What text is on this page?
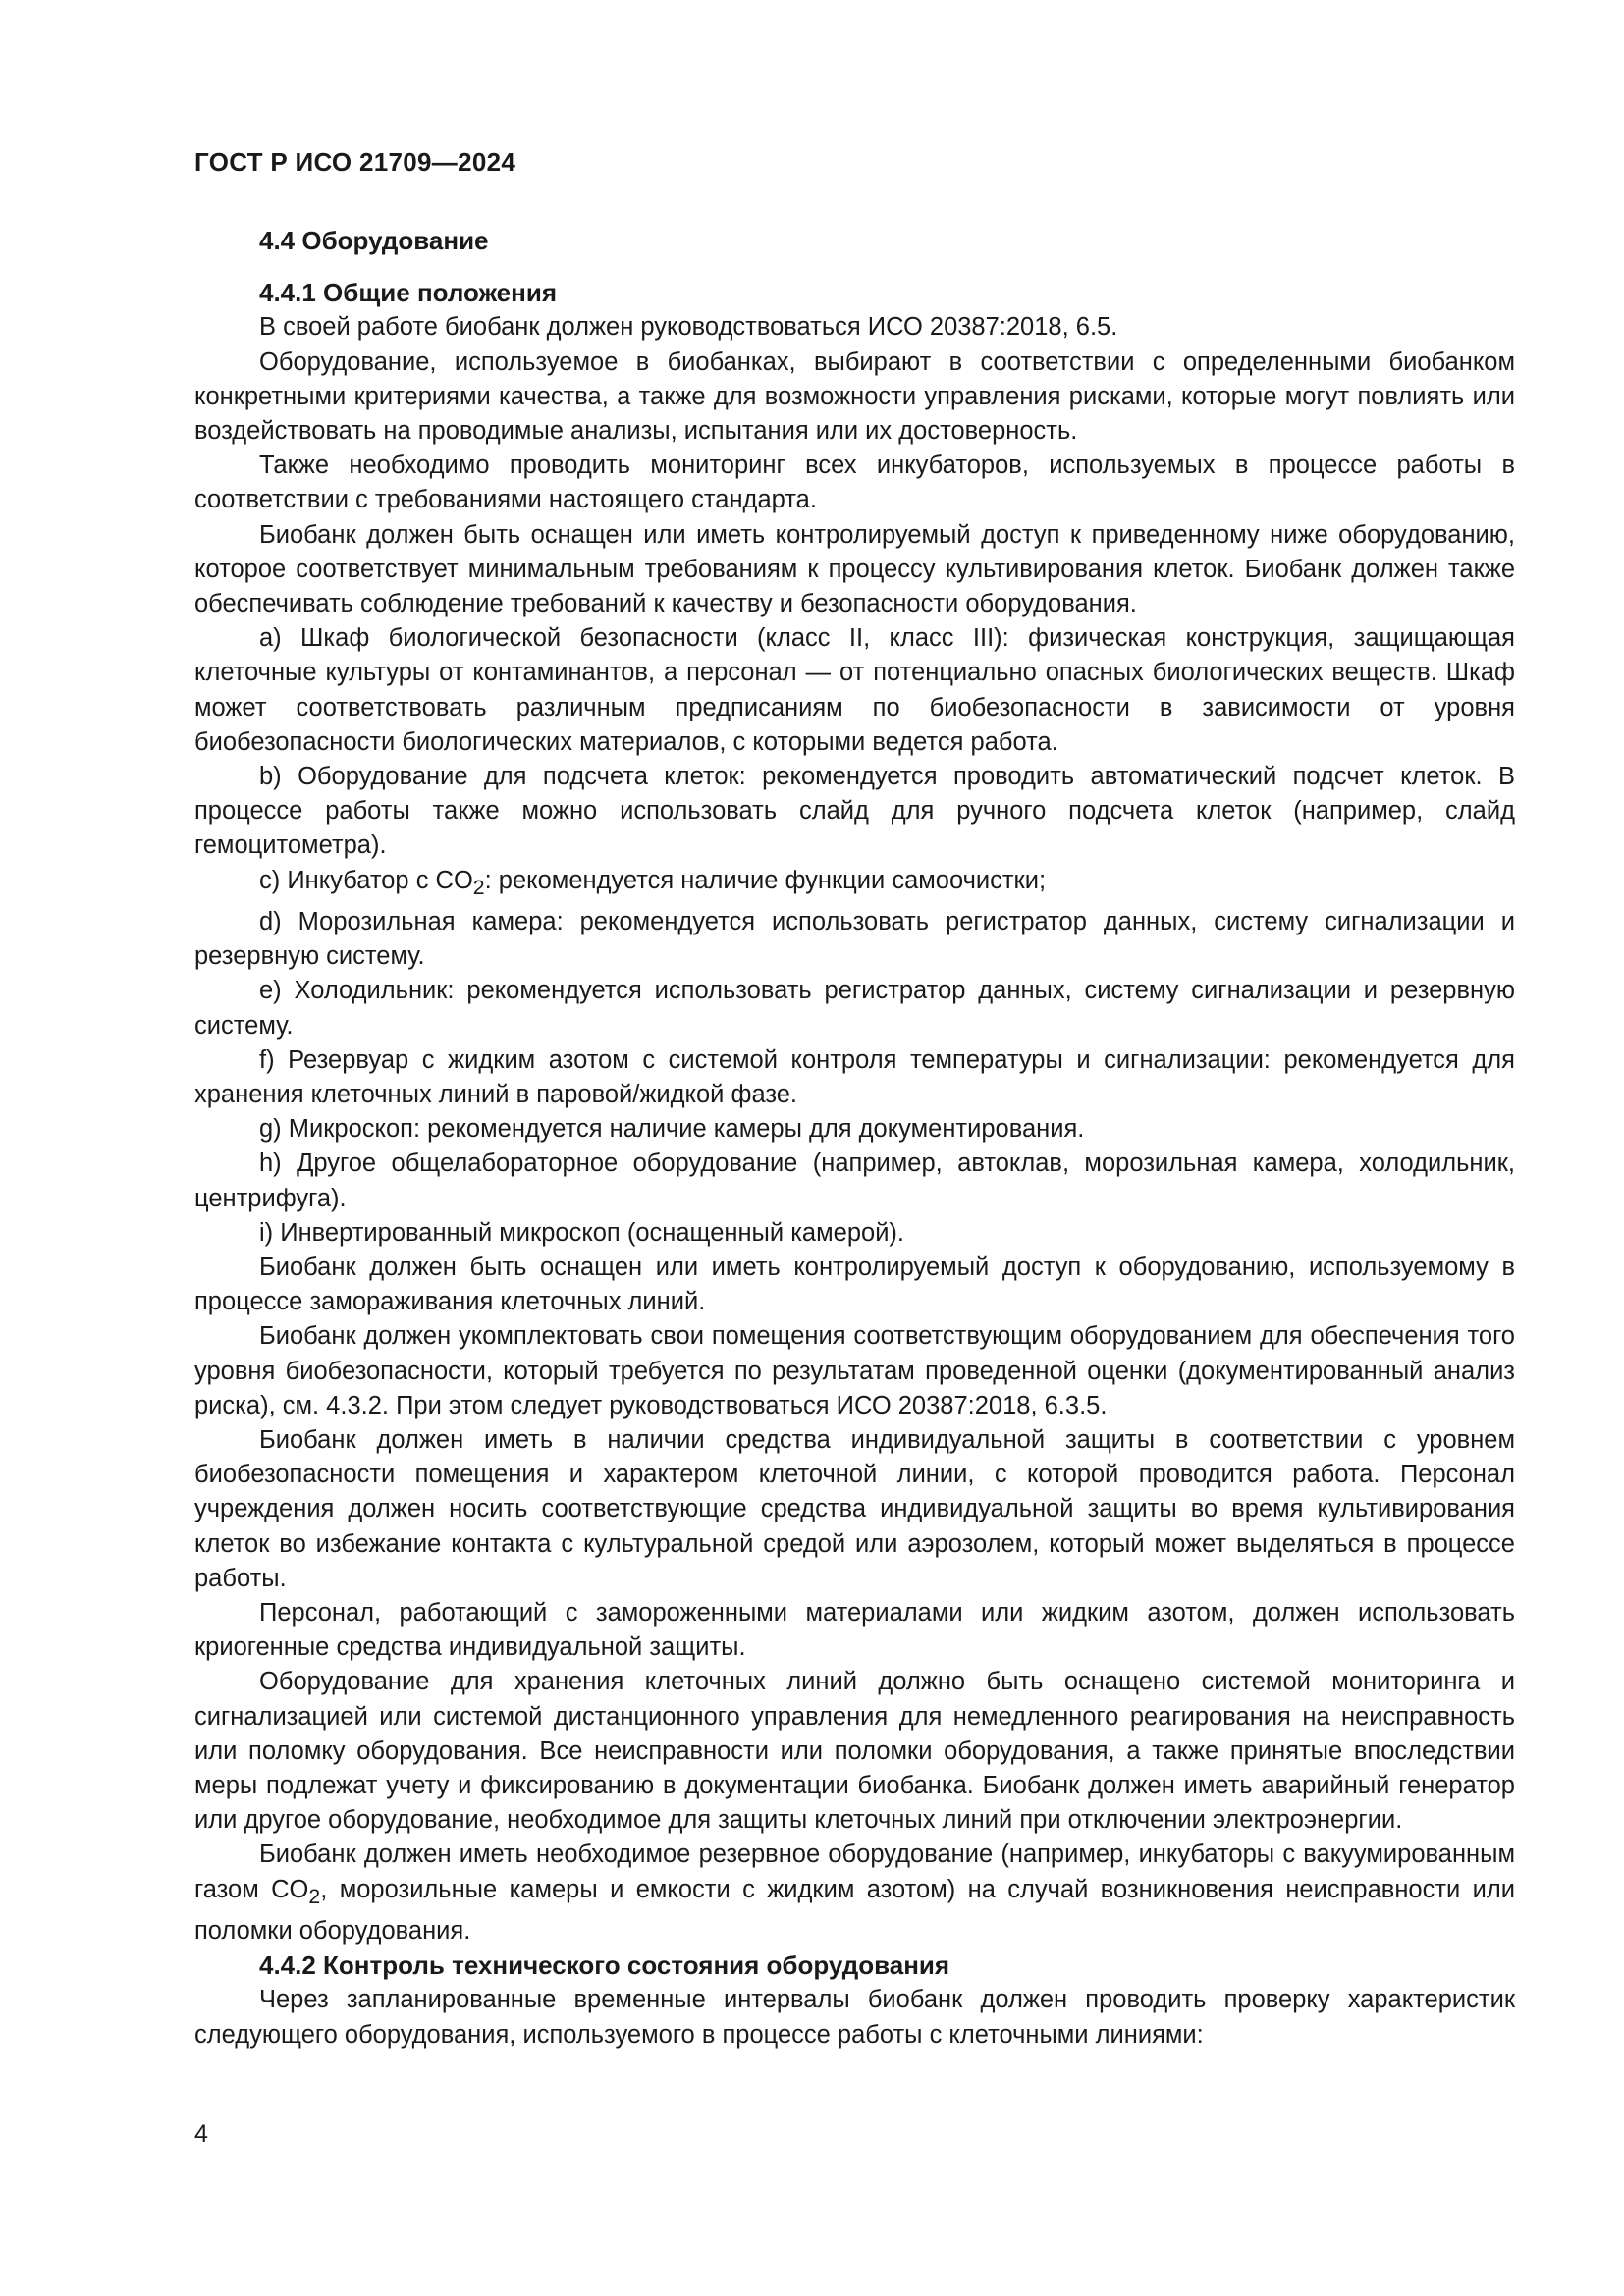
ГОСТ Р ИСО 21709—2024
4.4 Оборудование
4.4.1 Общие положения

В своей работе биобанк должен руководствоваться ИСО 20387:2018, 6.5.

Оборудование, используемое в биобанках, выбирают в соответствии с определенными биобанком конкретными критериями качества, а также для возможности управления рисками, которые могут повлиять или воздействовать на проводимые анализы, испытания или их достоверность.

Также необходимо проводить мониторинг всех инкубаторов, используемых в процессе работы в соответствии с требованиями настоящего стандарта.

Биобанк должен быть оснащен или иметь контролируемый доступ к приведенному ниже оборудованию, которое соответствует минимальным требованиям к процессу культивирования клеток. Биобанк должен также обеспечивать соблюдение требований к качеству и безопасности оборудования.

a) Шкаф биологической безопасности (класс II, класс III): физическая конструкция, защищающая клеточные культуры от контаминантов, а персонал — от потенциально опасных биологических веществ. Шкаф может соответствовать различным предписаниям по биобезопасности в зависимости от уровня биобезопасности биологических материалов, с которыми ведется работа.

b) Оборудование для подсчета клеток: рекомендуется проводить автоматический подсчет клеток. В процессе работы также можно использовать слайд для ручного подсчета клеток (например, слайд гемоцитометра).

c) Инкубатор с $CO_2$: рекомендуется наличие функции самоочистки;

d) Морозильная камера: рекомендуется использовать регистратор данных, систему сигнализации и резервную систему.

e) Холодильник: рекомендуется использовать регистратор данных, систему сигнализации и резервную систему.

f) Резервуар с жидким азотом с системой контроля температуры и сигнализации: рекомендуется для хранения клеточных линий в паровой/жидкой фазе.

g) Микроскоп: рекомендуется наличие камеры для документирования.

h) Другое общелабораторное оборудование (например, автоклав, морозильная камера, холодильник, центрифуга).

i) Инвертированный микроскоп (оснащенный камерой).

Биобанк должен быть оснащен или иметь контролируемый доступ к оборудованию, используемому в процессе замораживания клеточных линий.

Биобанк должен укомплектовать свои помещения соответствующим оборудованием для обеспечения того уровня биобезопасности, который требуется по результатам проведенной оценки (документированный анализ риска), см. 4.3.2. При этом следует руководствоваться ИСО 20387:2018, 6.3.5.

Биобанк должен иметь в наличии средства индивидуальной защиты в соответствии с уровнем биобезопасности помещения и характером клеточной линии, с которой проводится работа. Персонал учреждения должен носить соответствующие средства индивидуальной защиты во время культивирования клеток во избежание контакта с культуральной средой или аэрозолем, который может выделяться в процессе работы.

Персонал, работающий с замороженными материалами или жидким азотом, должен использовать криогенные средства индивидуальной защиты.

Оборудование для хранения клеточных линий должно быть оснащено системой мониторинга и сигнализацией или системой дистанционного управления для немедленного реагирования на неисправность или поломку оборудования. Все неисправности или поломки оборудования, а также принятые впоследствии меры подлежат учету и фиксированию в документации биобанка. Биобанк должен иметь аварийный генератор или другое оборудование, необходимое для защиты клеточных линий при отключении электроэнергии.

Биобанк должен иметь необходимое резервное оборудование (например, инкубаторы с вакуумированным газом $CO_2$, морозильные камеры и емкости с жидким азотом) на случай возникновения неисправности или поломки оборудования.

4.4.2 Контроль технического состояния оборудования

Через запланированные временные интервалы биобанк должен проводить проверку характеристик следующего оборудования, используемого в процессе работы с клеточными линиями:

4
